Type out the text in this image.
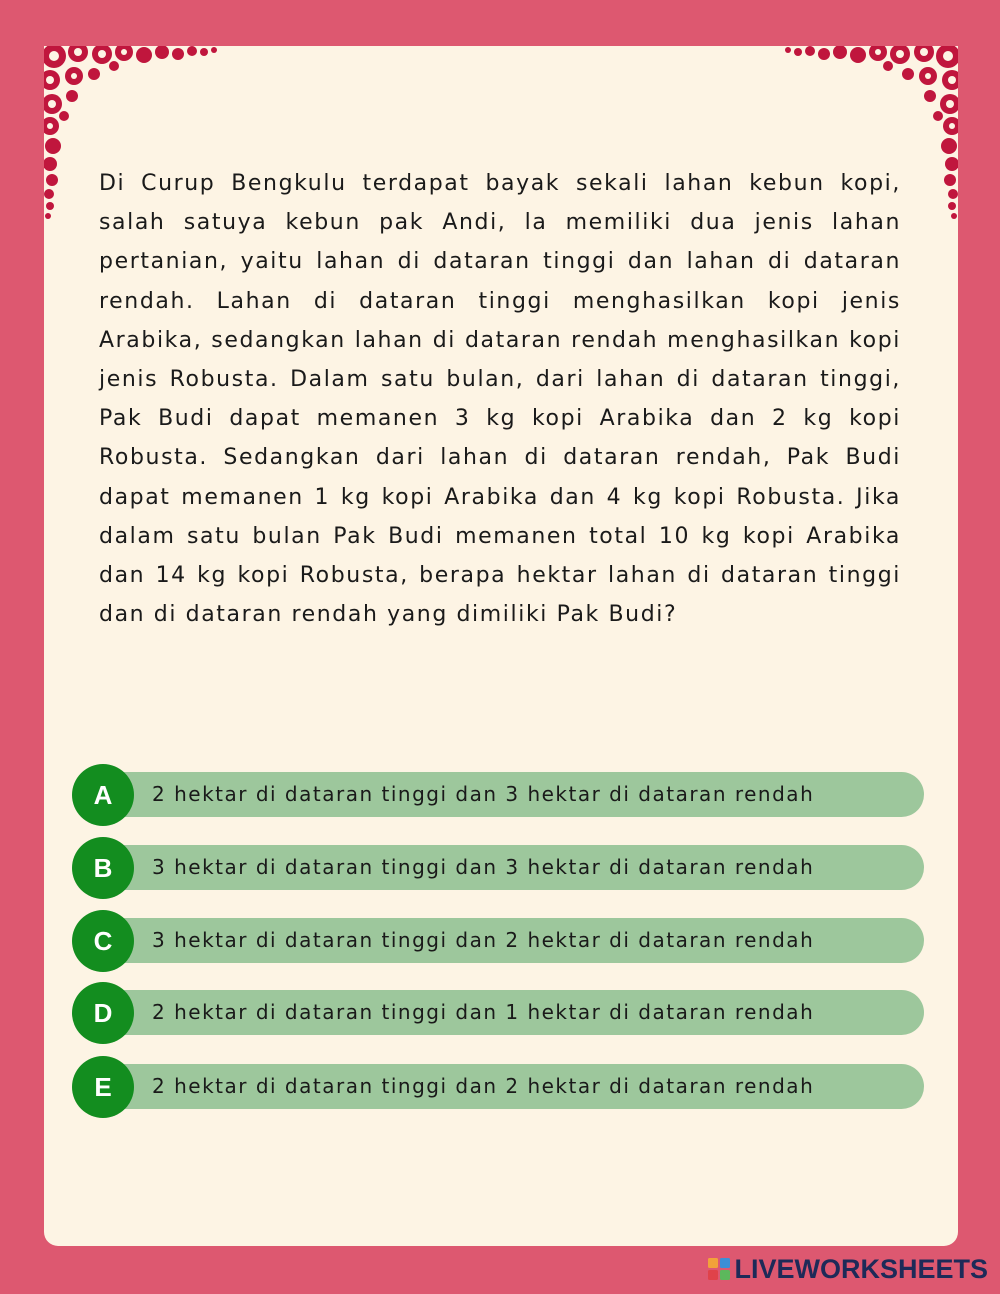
Di Curup Bengkulu terdapat bayak sekali lahan kebun kopi, salah satuya kebun pak Andi, la memiliki dua jenis lahan pertanian, yaitu lahan di dataran tinggi dan lahan di dataran rendah. Lahan di dataran tinggi menghasilkan kopi jenis Arabika, sedangkan lahan di dataran rendah menghasilkan kopi jenis Robusta. Dalam satu bulan, dari lahan di dataran tinggi, Pak Budi dapat memanen 3 kg kopi Arabika dan 2 kg kopi Robusta. Sedangkan dari lahan di dataran rendah, Pak Budi dapat memanen 1 kg kopi Arabika dan 4 kg kopi Robusta. Jika dalam satu bulan Pak Budi memanen total 10 kg kopi Arabika dan 14 kg kopi Robusta, berapa hektar lahan di dataran tinggi dan di dataran rendah yang dimiliki Pak Budi?

2 hektar di dataran tinggi dan 3 hektar di dataran rendah
A
3 hektar di dataran tinggi dan 3 hektar di dataran rendah
B
3 hektar di dataran tinggi dan 2 hektar di dataran rendah
C
2 hektar di dataran tinggi dan 1 hektar di dataran rendah
D
2 hektar di dataran tinggi dan 2 hektar di dataran rendah
E
LIVEWORKSHEETS
